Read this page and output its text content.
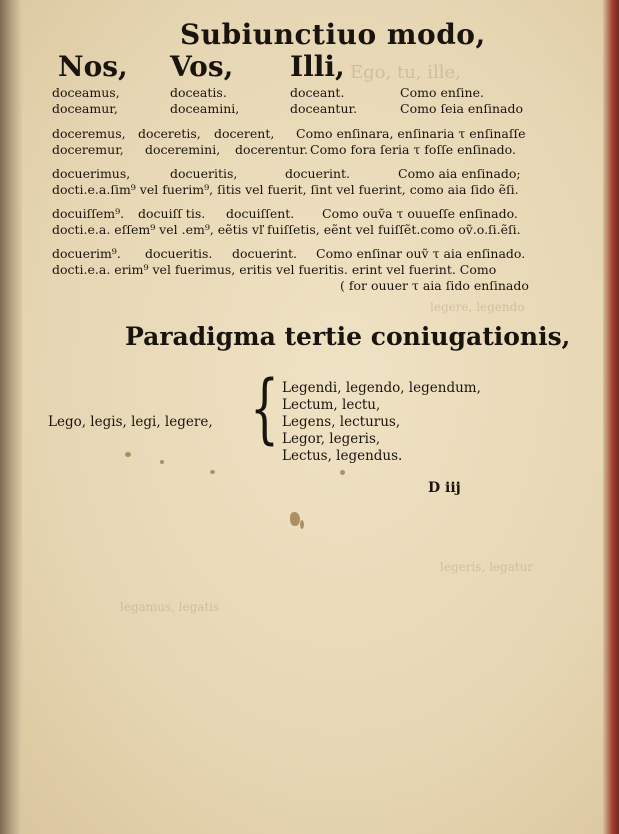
Ego, tu, ille,
legere, legendo
legeris, legatur
legamus, legatis
Subiunctiuo modo,
Nos, Vos, Illi,
doceamus,	doceatis.	doceant.	Como enſine.
doceamur,	doceamini,	doceantur.	Como ſeia enſinado
doceremus, doceretis, docerent, Como enſinara, enſinaria τ enſinaſſe
doceremur, doceremini, docerentur. Como fora ſeria τ foſſe enſinado.
docuerimus,	docueritis,	docuerint.	Como aia enſinado;
docti.e.a.ſim⁹ vel fuerim⁹, ſitis vel fuerit, ſint vel fuerint, como aia ſido ẽſi.
docuiſſem⁹. docuiſſ tis. docuiſſent. Como ouṽa τ ouueſſe enſinado.
docti.e.a. eſſem⁹ vel .em⁹, eẽtis vľ fuiſſetis, eẽnt vel fuiſſẽt.como oṽ.o.ſi.ẽſi.
docuerim⁹. docueritis. docuerint. Como enſinar ouṽ τ aia enſinado.
docti.e.a. erim⁹ vel fuerimus, eritis vel fueritis. erint vel fuerint. Como
( for ouuer τ aia ſido enſinado
Paradigma tertie coniugationis,
Lego, legis, legi, legere, { Legendi, legendo, legendum,
Lectum, lectu,
Legens, lecturus,
Legor, legeris,
Lectus, legendus.
D iij
